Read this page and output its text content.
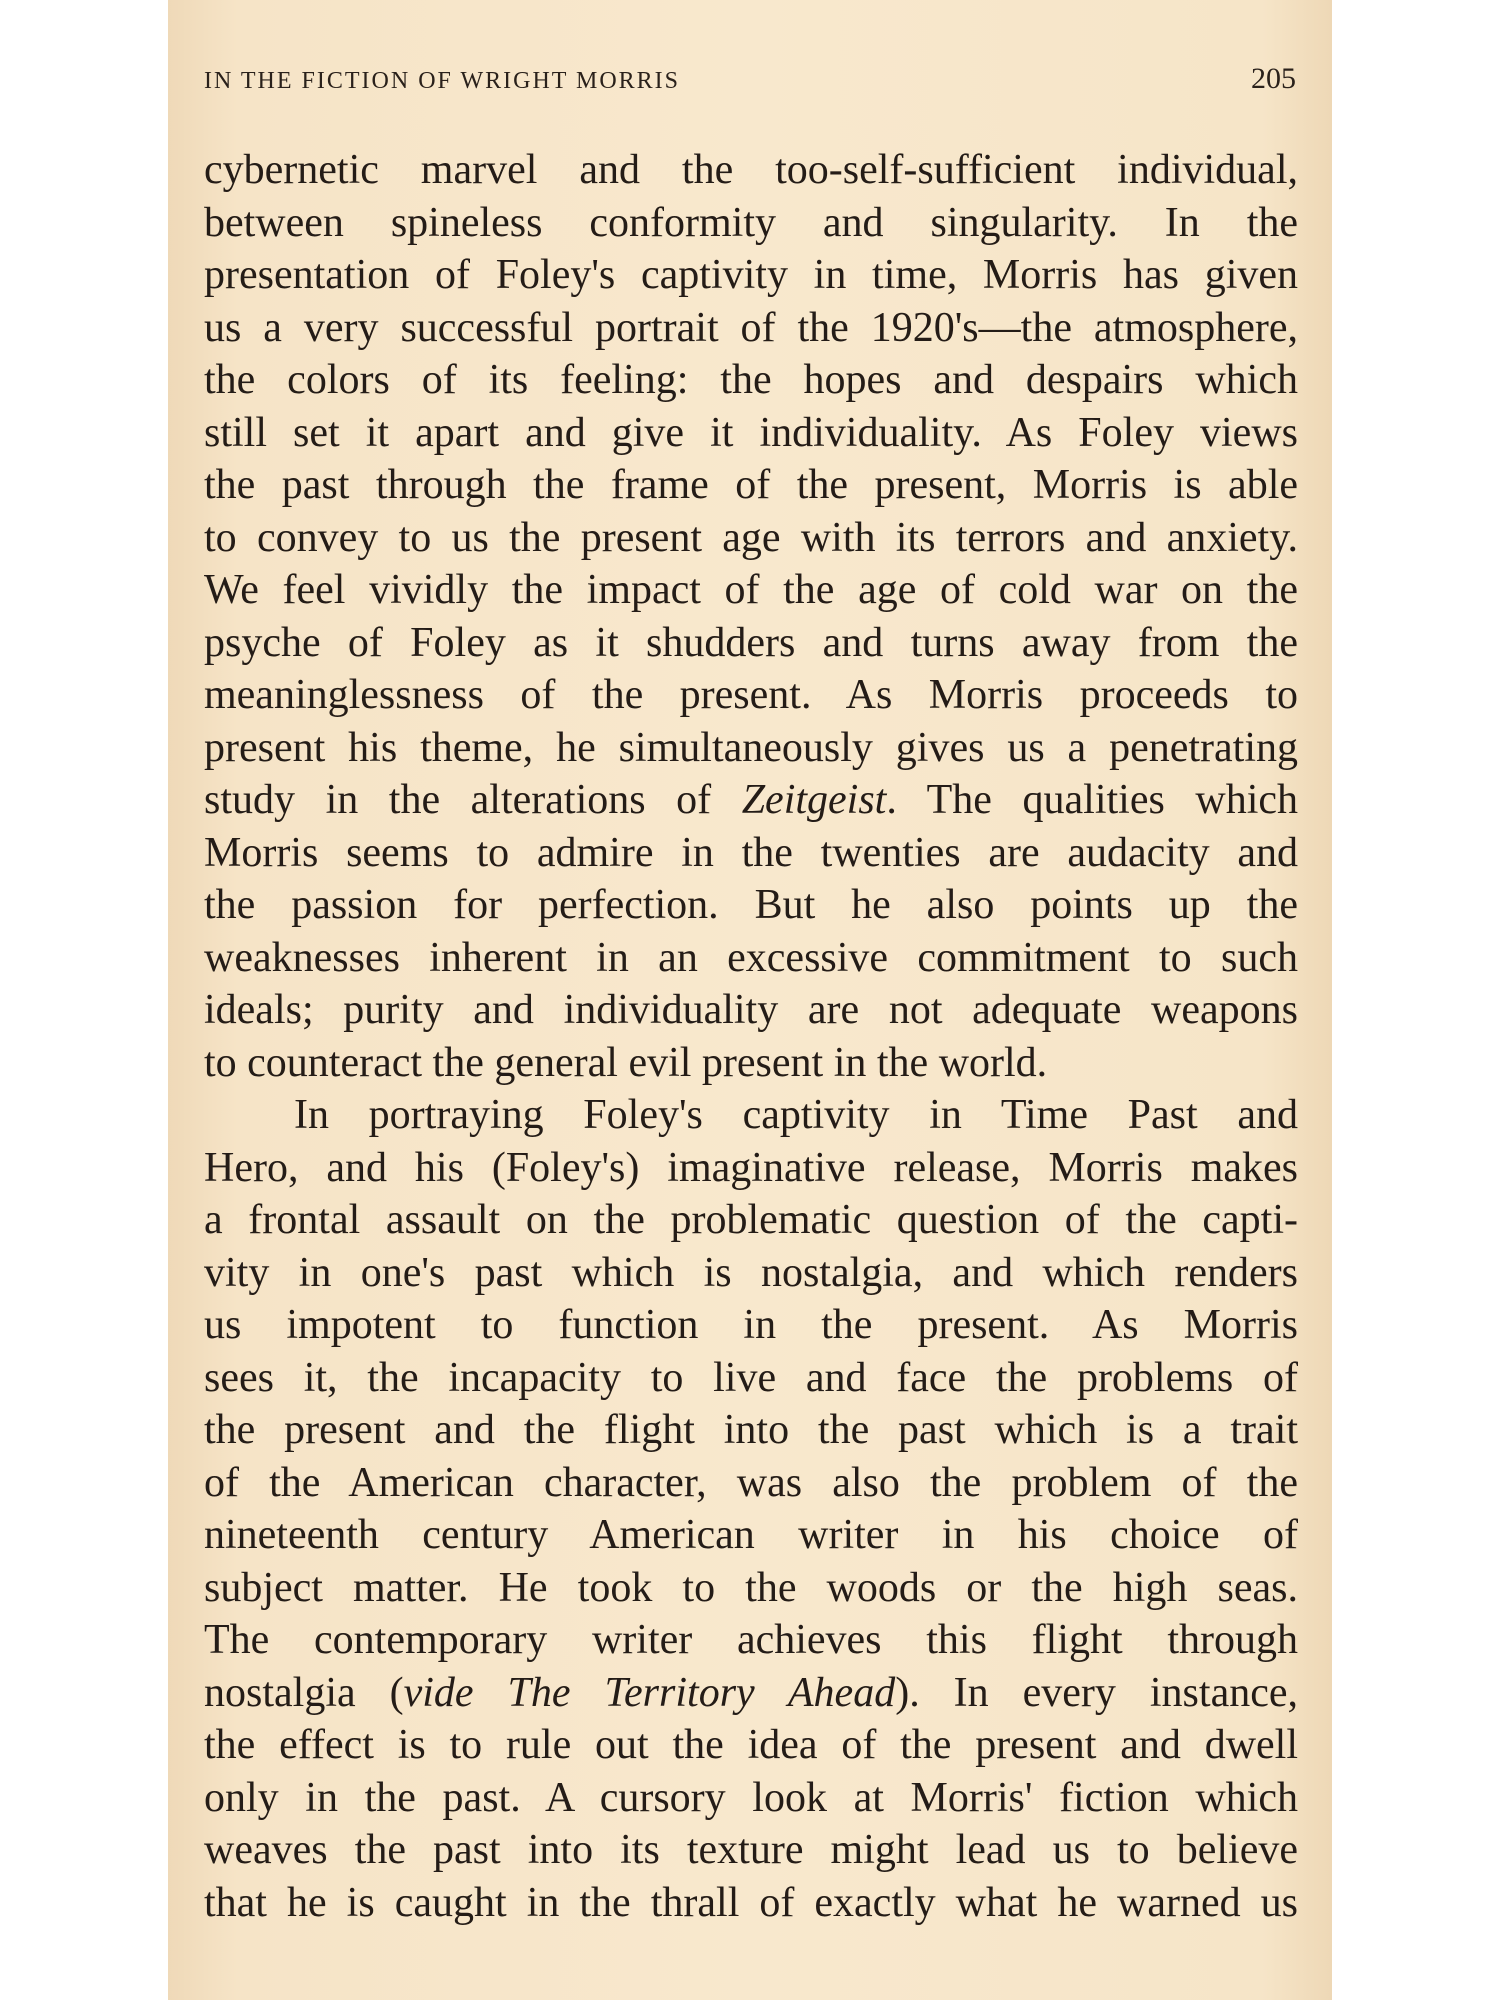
IN THE FICTION OF WRIGHT MORRIS	205
cybernetic marvel and the too-self-sufficient individual,
between spineless conformity and singularity. In the
presentation of Foley's captivity in time, Morris has given
us a very successful portrait of the 1920's—the atmosphere,
the colors of its feeling: the hopes and despairs which
still set it apart and give it individuality. As Foley views
the past through the frame of the present, Morris is able
to convey to us the present age with its terrors and anxiety.
We feel vividly the impact of the age of cold war on the
psyche of Foley as it shudders and turns away from the
meaninglessness of the present. As Morris proceeds to
present his theme, he simultaneously gives us a penetrating
study in the alterations of Zeitgeist. The qualities which
Morris seems to admire in the twenties are audacity and
the passion for perfection. But he also points up the
weaknesses inherent in an excessive commitment to such
ideals; purity and individuality are not adequate weapons
to counteract the general evil present in the world.
In portraying Foley's captivity in Time Past and
Hero, and his (Foley's) imaginative release, Morris makes
a frontal assault on the problematic question of the capti-
vity in one's past which is nostalgia, and which renders
us impotent to function in the present. As Morris
sees it, the incapacity to live and face the problems of
the present and the flight into the past which is a trait
of the American character, was also the problem of the
nineteenth century American writer in his choice of
subject matter. He took to the woods or the high seas.
The contemporary writer achieves this flight through
nostalgia (vide The Territory Ahead). In every instance,
the effect is to rule out the idea of the present and dwell
only in the past. A cursory look at Morris' fiction which
weaves the past into its texture might lead us to believe
that he is caught in the thrall of exactly what he warned us
